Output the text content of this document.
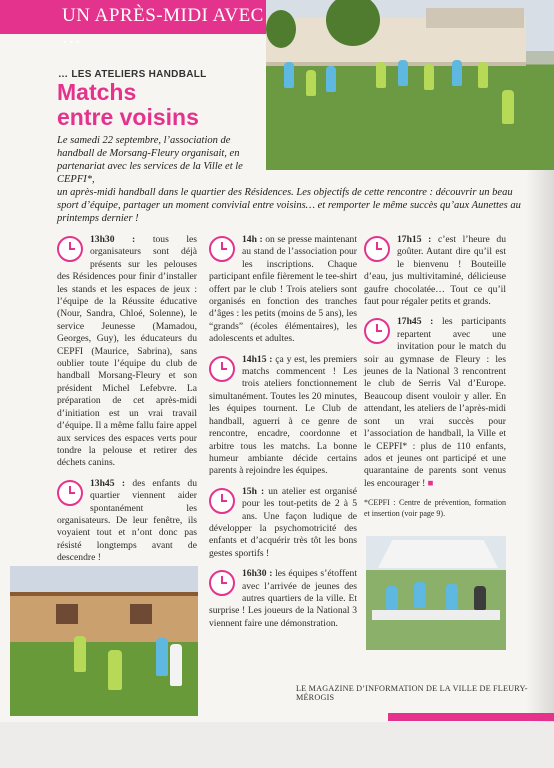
UN APRÈS-MIDI AVEC …
… LES ATELIERS HANDBALL
Matchs
entre voisins

Le samedi 22 septembre, l’association de handball de Morsang-Fleury organisait, en partenariat avec les services de la Ville et le CEPFI*,

un après-midi handball dans le quartier des Résidences. Les objectifs de cette rencontre : découvrir un beau sport d’équipe, partager un moment convivial entre voisins… et remporter le même succès qu’aux Aunettes au printemps dernier !

13h30 : tous les organisateurs sont déjà présents sur les pelouses des Résidences pour finir d’installer les stands et les espaces de jeux : l’équipe de la Réussite éducative (Nour, Sandra, Chloé, Solenne), le service Jeunesse (Mamadou, Georges, Guy), les éducateurs du CEPFI (Maurice, Sabrina), sans oublier toute l’équipe du club de handball Morsang-Fleury et son président Michel Lefebvre. La préparation de cet après-midi d’initiation est un vrai travail d’équipe. Il a même fallu faire appel aux services des espaces verts pour tondre la pelouse et retirer des déchets canins.

13h45 : des enfants du quartier viennent aider spontanément les organisateurs. De leur fenêtre, ils voyaient tout et n’ont donc pas résisté longtemps avant de descendre !

14h : on se presse maintenant au stand de l’association pour les inscriptions. Chaque participant enfile fièrement le tee-shirt offert par le club ! Trois ateliers sont organisés en fonction des tranches d’âges : les petits (moins de 5 ans), les “grands” (écoles élémentaires), les adolescents et adultes.

14h15 : ça y est, les premiers matchs commencent ! Les trois ateliers fonctionnement simultanément. Toutes les 20 minutes, les équipes tournent. Le Club de handball, aguerri à ce genre de rencontre, encadre, coordonne et arbitre tous les matchs. La bonne humeur ambiante décide certains parents à rejoindre les équipes.

15h : un atelier est organisé pour les tout-petits de 2 à 5 ans. Une façon ludique de développer la psychomotricité des enfants et d’acquérir très tôt les bons gestes sportifs !

16h30 : les équipes s’étoffent avec l’arrivée de jeunes des autres quartiers de la ville. Et surprise ! Les joueurs de la National 3 viennent faire une démonstration.

17h15 : c’est l’heure du goûter. Autant dire qu’il est le bienvenu ! Bouteille d’eau, jus multivitaminé, délicieuse gaufre chocolatée… Tout ce qu’il faut pour régaler petits et grands.

17h45 : les participants repartent avec une invitation pour le match du soir au gymnase de Fleury : les jeunes de la National 3 rencontrent le club de Serris Val d’Europe. Beaucoup disent vouloir y aller. En attendant, les ateliers de l’après-midi sont un vrai succès pour l’association de handball, la Ville et le CEPFI* : plus de 110 enfants, ados et jeunes ont participé et une quarantaine de parents sont venus les encourager ! ■

*CEPFI : Centre de prévention, formation et insertion (voir page 9).
LE MAGAZINE D’INFORMATION DE LA VILLE DE FLEURY-MÉROGIS
